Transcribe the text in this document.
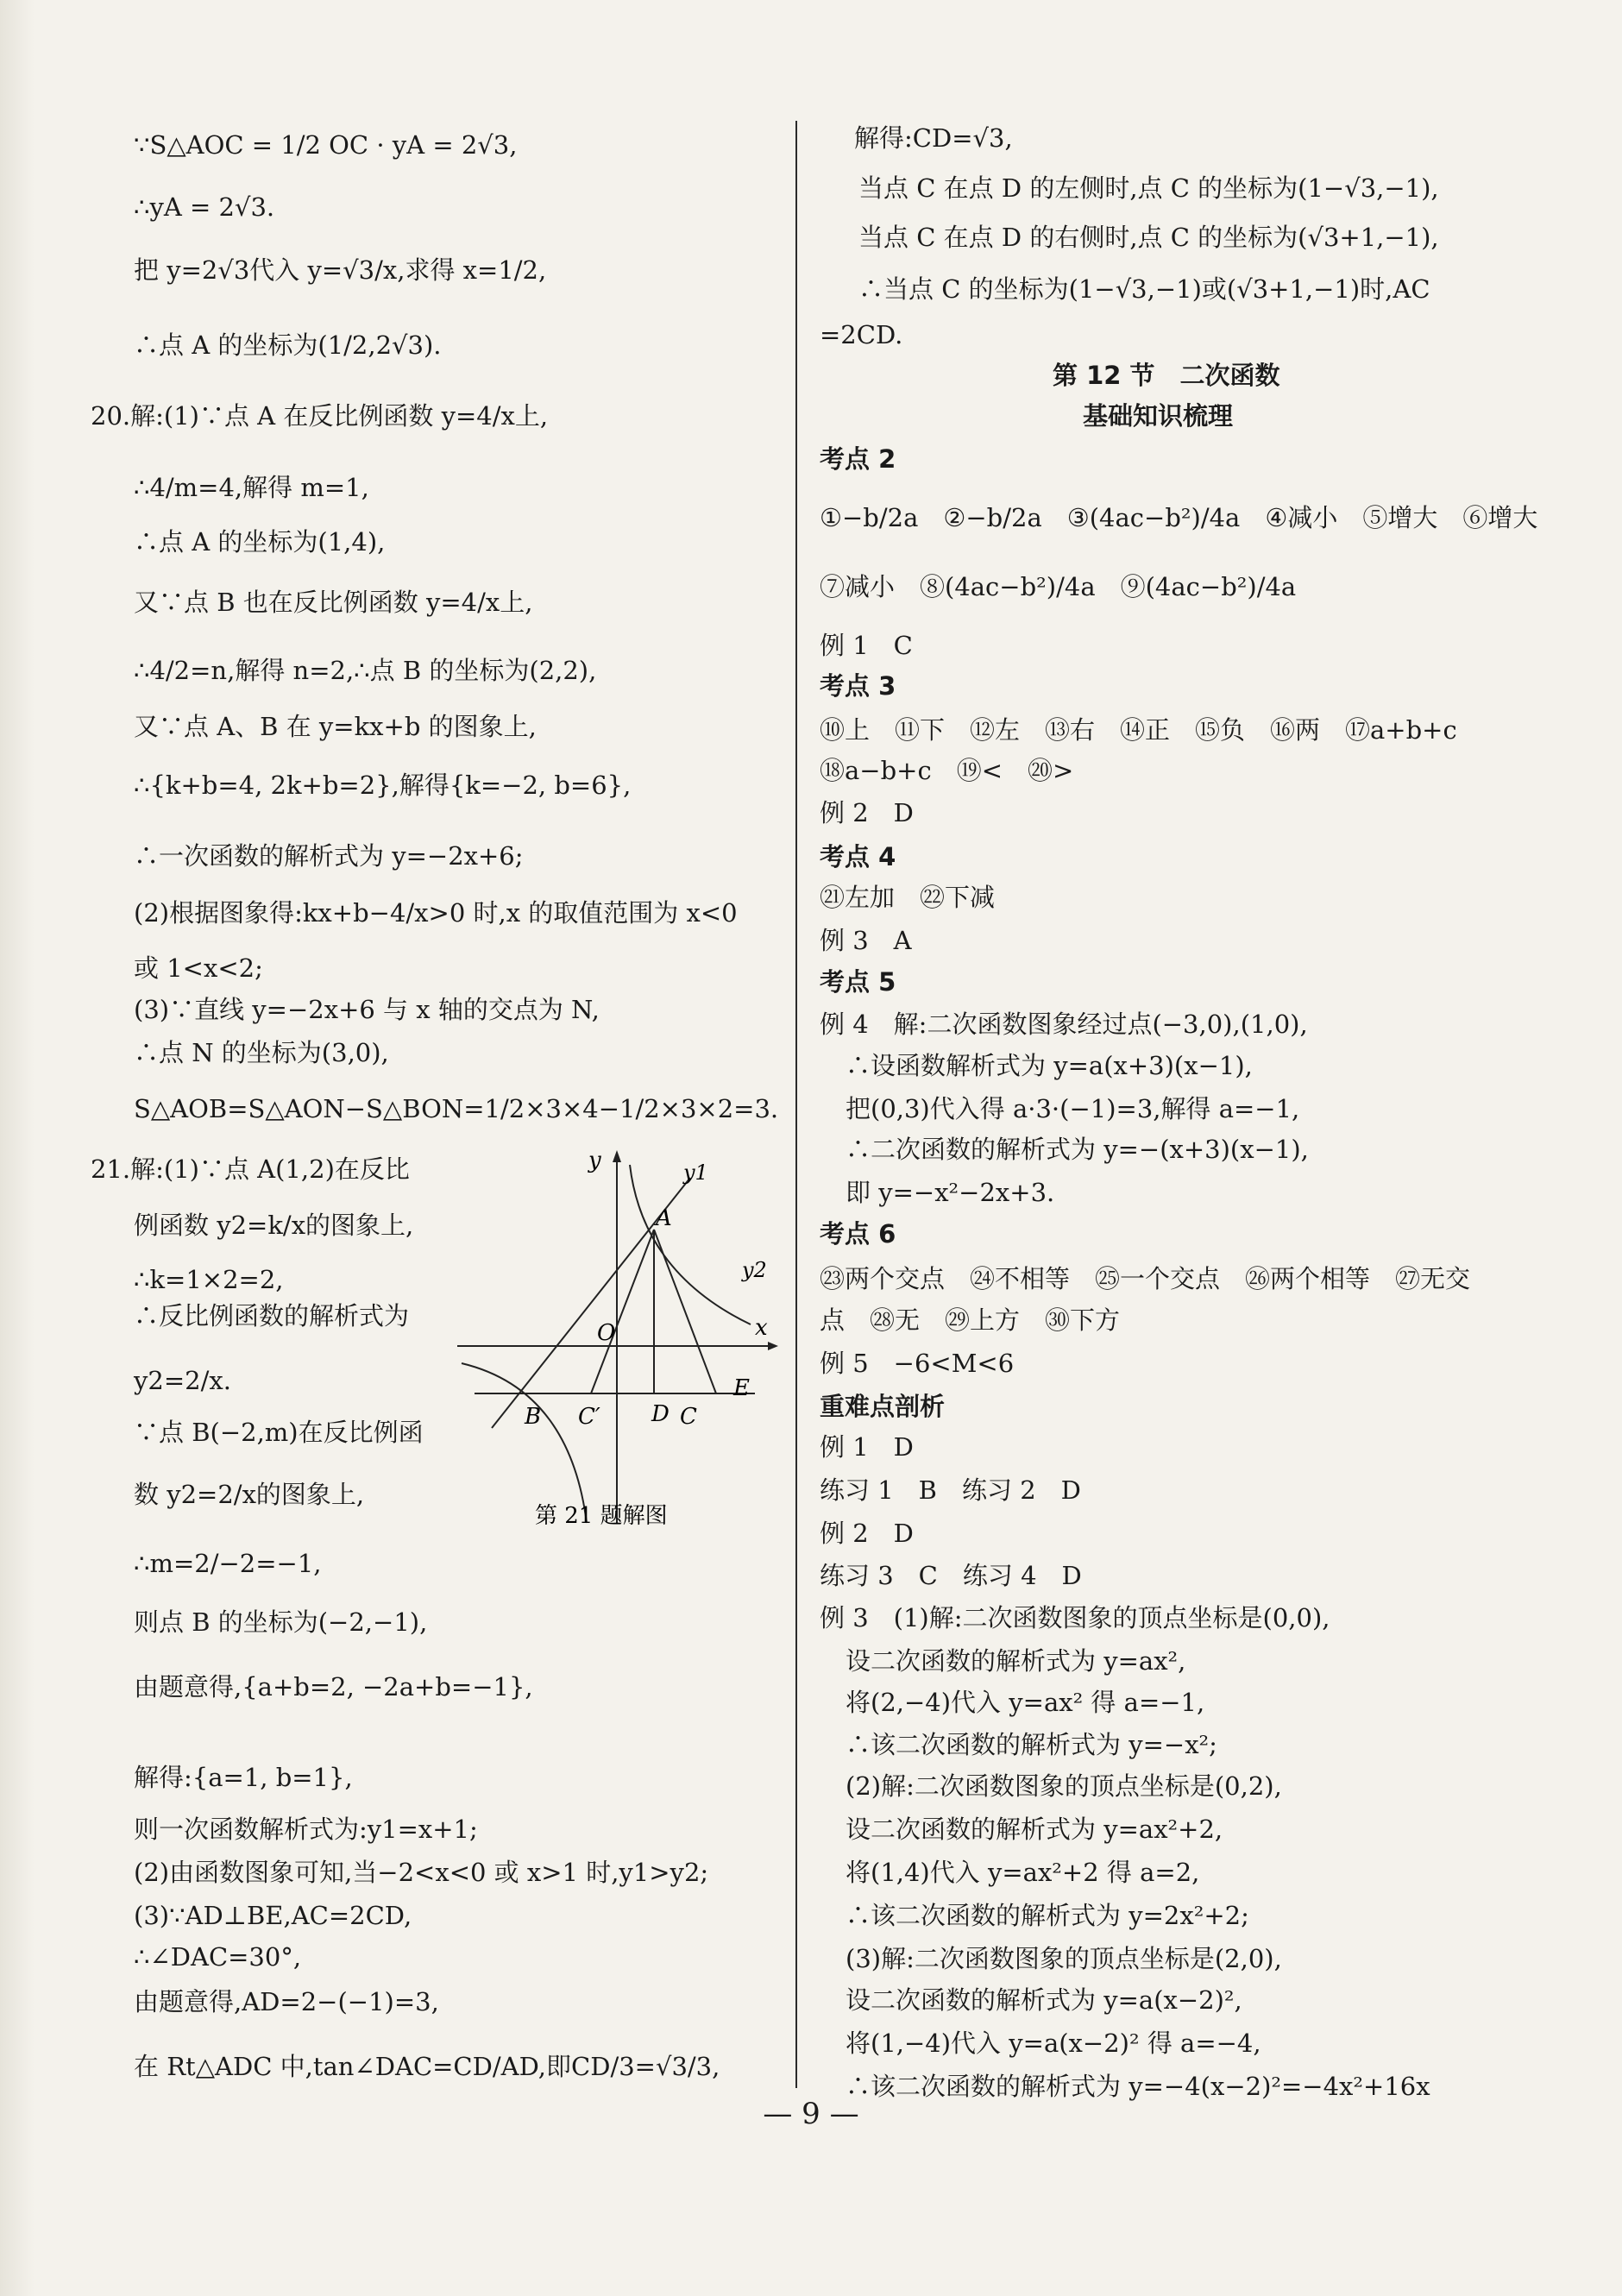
∵S△AOC = 1/2 OC · yA = 2√3,
∴yA = 2√3.
把 y=2√3代入 y=√3/x,求得 x=1/2,
∴点 A 的坐标为(1/2,2√3).
20.解:(1)∵点 A 在反比例函数 y=4/x上,
∴4/m=4,解得 m=1,
∴点 A 的坐标为(1,4),
又∵点 B 也在反比例函数 y=4/x上,
∴4/2=n,解得 n=2,∴点 B 的坐标为(2,2),
又∵点 A、B 在 y=kx+b 的图象上,
∴{k+b=4, 2k+b=2},解得{k=−2, b=6},
∴一次函数的解析式为 y=−2x+6;
(2)根据图象得:kx+b−4/x>0 时,x 的取值范围为 x<0
或 1<x<2;
(3)∵直线 y=−2x+6 与 x 轴的交点为 N,
∴点 N 的坐标为(3,0),
S△AOB=S△AON−S△BON=1/2×3×4−1/2×3×2=3.
21.解:(1)∵点 A(1,2)在反比
例函数 y2=k/x的图象上,
∴k=1×2=2,
∴反比例函数的解析式为
y2=2/x.
∵点 B(−2,m)在反比例函
数 y2=2/x的图象上,
∴m=2/−2=−1,
则点 B 的坐标为(−2,−1),
由题意得,{a+b=2, −2a+b=−1},
解得:{a=1, b=1},
则一次函数解析式为:y1=x+1;
(2)由函数图象可知,当−2<x<0 或 x>1 时,y1>y2;
(3)∵AD⊥BE,AC=2CD,
∴∠DAC=30°,
由题意得,AD=2−(−1)=3,
在 Rt△ADC 中,tan∠DAC=CD/AD,即CD/3=√3/3,
y	y1
A
y2
x
O
B C′ D C
E
第 21 题解图
解得:CD=√3,
当点 C 在点 D 的左侧时,点 C 的坐标为(1−√3,−1),
当点 C 在点 D 的右侧时,点 C 的坐标为(√3+1,−1),
∴当点 C 的坐标为(1−√3,−1)或(√3+1,−1)时,AC
=2CD.
第 12 节　二次函数
基础知识梳理
考点 2
①−b/2a　②−b/2a　③(4ac−b²)/4a　④减小　⑤增大　⑥增大
⑦减小　⑧(4ac−b²)/4a　⑨(4ac−b²)/4a
例 1　C
考点 3
⑩上　⑪下　⑫左　⑬右　⑭正　⑮负　⑯两　⑰a+b+c
⑱a−b+c　⑲<　⑳>
例 2　D
考点 4
㉑左加　㉒下减
例 3　A
考点 5
例 4　解:二次函数图象经过点(−3,0),(1,0),
∴设函数解析式为 y=a(x+3)(x−1),
把(0,3)代入得 a·3·(−1)=3,解得 a=−1,
∴二次函数的解析式为 y=−(x+3)(x−1),
即 y=−x²−2x+3.
考点 6
㉓两个交点　㉔不相等　㉕一个交点　㉖两个相等　㉗无交
点　㉘无　㉙上方　㉚下方
例 5　−6<M<6
重难点剖析
例 1　D
练习 1　B　练习 2　D
例 2　D
练习 3　C　练习 4　D
例 3　(1)解:二次函数图象的顶点坐标是(0,0),
设二次函数的解析式为 y=ax²,
将(2,−4)代入 y=ax² 得 a=−1,
∴该二次函数的解析式为 y=−x²;
(2)解:二次函数图象的顶点坐标是(0,2),
设二次函数的解析式为 y=ax²+2,
将(1,4)代入 y=ax²+2 得 a=2,
∴该二次函数的解析式为 y=2x²+2;
(3)解:二次函数图象的顶点坐标是(2,0),
设二次函数的解析式为 y=a(x−2)²,
将(1,−4)代入 y=a(x−2)² 得 a=−4,
∴该二次函数的解析式为 y=−4(x−2)²=−4x²+16x
— 9 —
